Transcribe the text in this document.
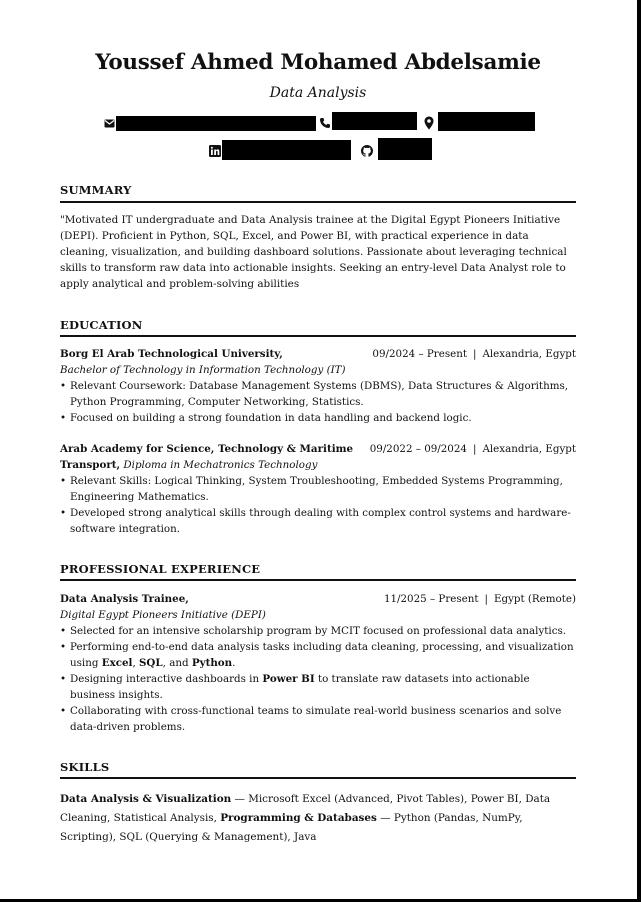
Youssef Ahmed Mohamed Abdelsamie
Data Analysis
SUMMARY

"Motivated IT undergraduate and Data Analysis trainee at the Digital Egypt Pioneers Initiative (DEPI). Proficient in Python, SQL, Excel, and Power BI, with practical experience in data cleaning, visualization, and building dashboard solutions. Passionate about leveraging technical skills to transform raw data into actionable insights. Seeking an entry-level Data Analyst role to apply analytical and problem-solving abilities

EDUCATION
Borg El Arab Technological University,	09/2024 – Present | Alexandria, Egypt
Bachelor of Technology in Information Technology (IT)
• Relevant Coursework: Database Management Systems (DBMS), Data Structures & Algorithms, Python Programming, Computer Networking, Statistics.
• Focused on building a strong foundation in data handling and backend logic.
Arab Academy for Science, Technology & Maritime 09/2022 – 09/2024 | Alexandria, Egypt
Transport, Diploma in Mechatronics Technology
• Relevant Skills: Logical Thinking, System Troubleshooting, Embedded Systems Programming, Engineering Mathematics.
• Developed strong analytical skills through dealing with complex control systems and hardware-software integration.
PROFESSIONAL EXPERIENCE
Data Analysis Trainee,	11/2025 – Present | Egypt (Remote)
Digital Egypt Pioneers Initiative (DEPI)
• Selected for an intensive scholarship program by MCIT focused on professional data analytics.
• Performing end-to-end data analysis tasks including data cleaning, processing, and visualization using Excel, SQL, and Python.
• Designing interactive dashboards in Power BI to translate raw datasets into actionable business insights.
• Collaborating with cross-functional teams to simulate real-world business scenarios and solve data-driven problems.
SKILLS

Data Analysis & Visualization — Microsoft Excel (Advanced, Pivot Tables), Power BI, Data Cleaning, Statistical Analysis, Programming & Databases — Python (Pandas, NumPy, Scripting), SQL (Querying & Management), Java
